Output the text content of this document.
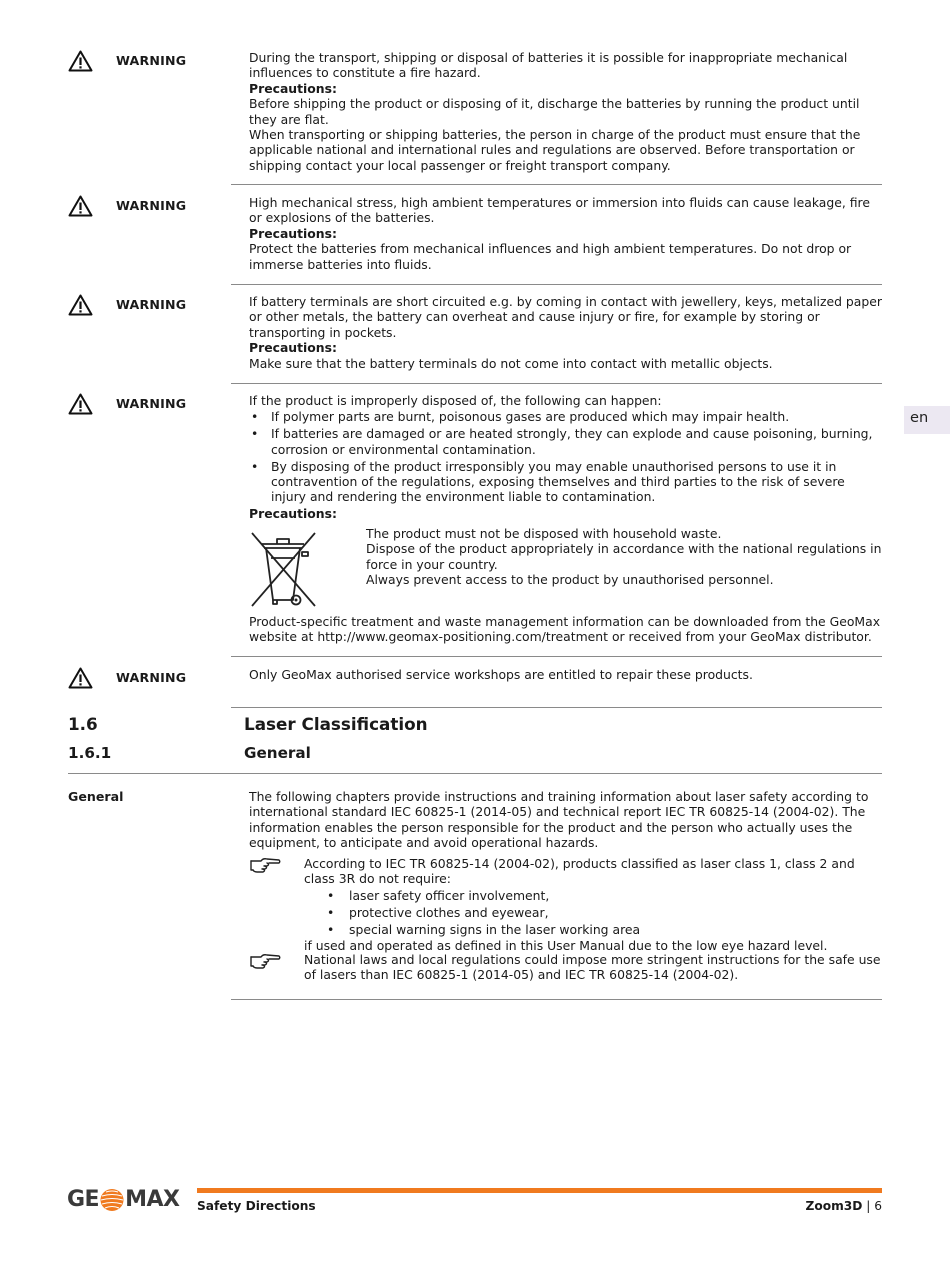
WARNING	During the transport, shipping or disposal of batteries it is possible for inappropriate mechanical influences to constitute a fire hazard.

Precautions:

Before shipping the product or disposing of it, discharge the batteries by running the product until they are flat.

When transporting or shipping batteries, the person in charge of the product must ensure that the applicable national and international rules and regulations are observed. Before transportation or shipping contact your local passenger or freight transport company.

WARNING	High mechanical stress, high ambient temperatures or immersion into fluids can cause leakage, fire or explosions of the batteries.

Precautions:

Protect the batteries from mechanical influences and high ambient temperatures. Do not drop or immerse batteries into fluids.

WARNING	If battery terminals are short circuited e.g. by coming in contact with jewellery, keys, metalized paper or other metals, the battery can overheat and cause injury or fire, for example by storing or transporting in pockets.

Precautions:

Make sure that the battery terminals do not come into contact with metallic objects.

WARNING	If the product is improperly disposed of, the following can happen:

• If polymer parts are burnt, poisonous gases are produced which may impair health.
• If batteries are damaged or are heated strongly, they can explode and cause poisoning, burning, corrosion or environmental contamination.
• By disposing of the product irresponsibly you may enable unauthorised persons to use it in contravention of the regulations, exposing themselves and third parties to the risk of severe injury and rendering the environment liable to contamination.

Precautions:

The product must not be disposed with household waste.

Dispose of the product appropriately in accordance with the national regulations in force in your country.

Always prevent access to the product by unauthorised personnel.

Product-specific treatment and waste management information can be downloaded from the GeoMax website at http://www.geomax-positioning.com/treatment or received from your GeoMax distributor.
WARNING	Only GeoMax authorised service workshops are entitled to repair these products.
1.6	Laser Classification
1.6.1	General
General	The following chapters provide instructions and training information about laser safety according to international standard IEC 60825-1 (2014-05) and technical report IEC TR 60825-14 (2004-02). The information enables the person responsible for the product and the person who actually uses the equipment, to anticipate and avoid operational hazards.

According to IEC TR 60825-14 (2004-02), products classified as laser class 1, class 2 and class 3R do not require:

• laser safety officer involvement,
• protective clothes and eyewear,
• special warning signs in the laser working area

if used and operated as defined in this User Manual due to the low eye hazard level.

National laws and local regulations could impose more stringent instructions for the safe use of lasers than IEC 60825-1 (2014-05) and IEC TR 60825-14 (2004-02).
en
GE MAX Safety Directions	Zoom3D | 6
